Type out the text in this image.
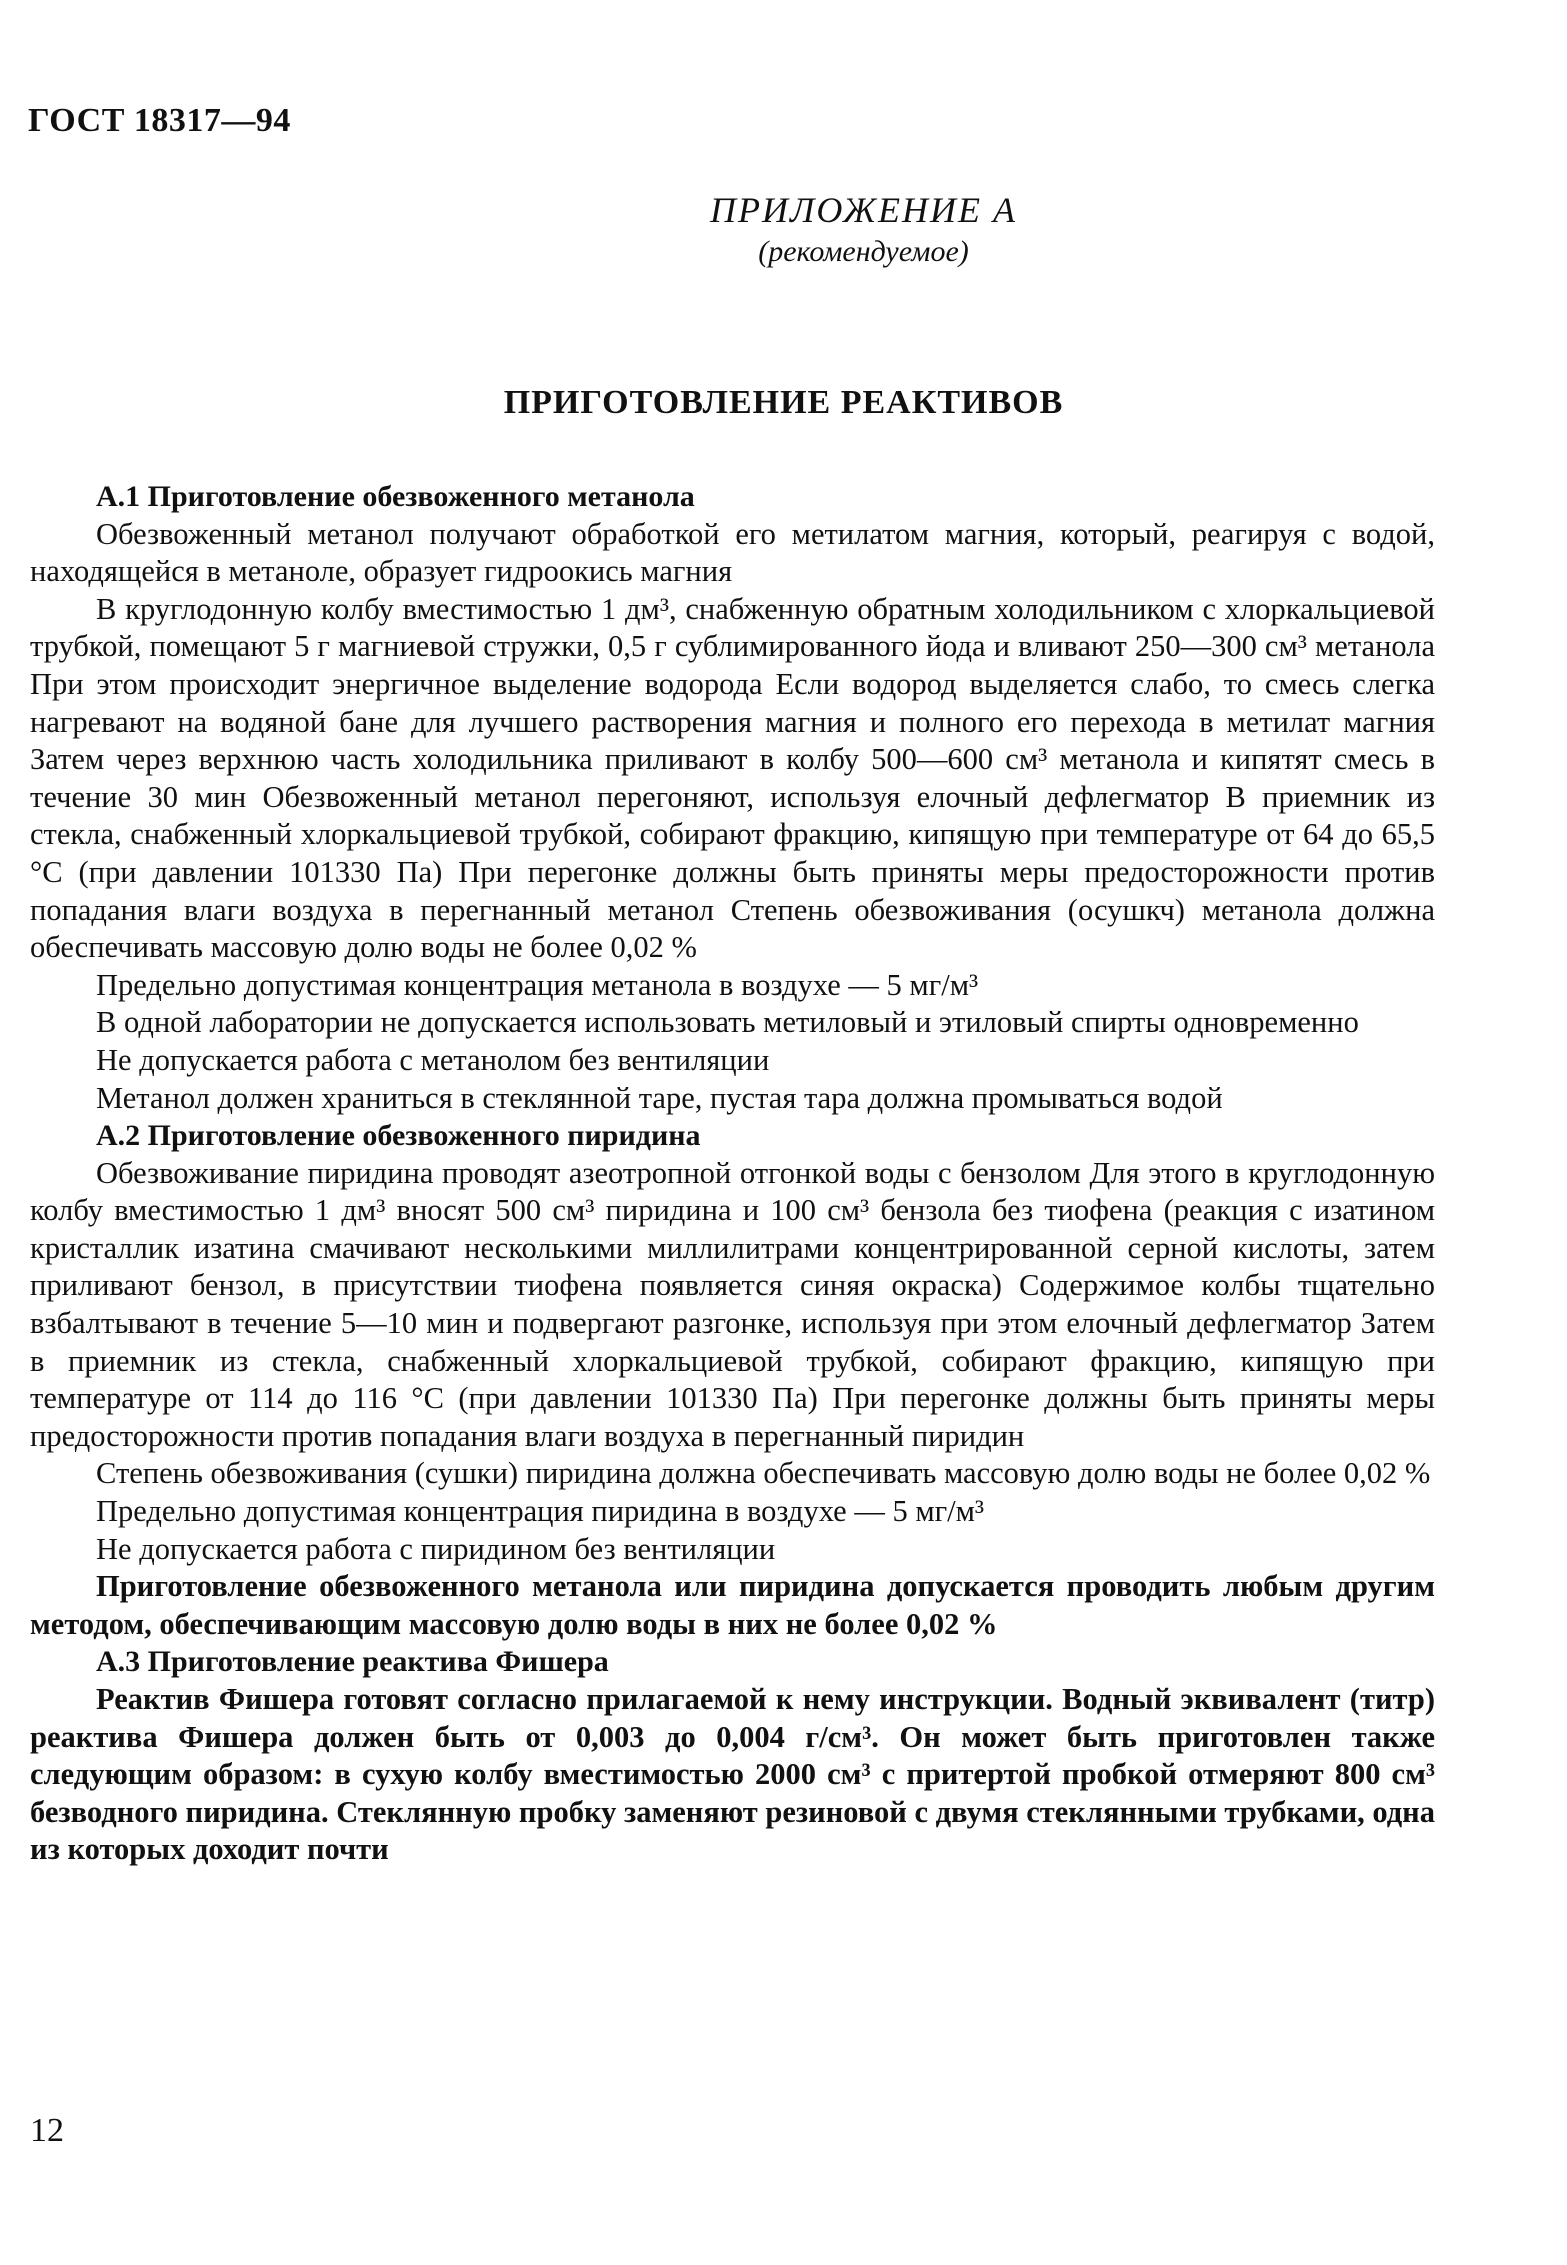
ГОСТ 18317—94
ПРИЛОЖЕНИЕ А
(рекомендуемое)
ПРИГОТОВЛЕНИЕ РЕАКТИВОВ

А.1 Приготовление обезвоженного метанола

Обезвоженный метанол получают обработкой его метилатом магния, который, реагируя с водой, находящейся в метаноле, образует гидроокись магния

В круглодонную колбу вместимостью 1 дм³, снабженную обратным холодильником с хлоркальциевой трубкой, помещают 5 г магниевой стружки, 0,5 г сублимированного йода и вливают 250—300 см³ метанола При этом происходит энергичное выделение водорода Если водород выделяется слабо, то смесь слегка нагревают на водяной бане для лучшего растворения магния и полного его перехода в метилат магния Затем через верхнюю часть холодильника приливают в колбу 500—600 см³ метанола и кипятят смесь в течение 30 мин Обезвоженный метанол перегоняют, используя елочный дефлегматор В приемник из стекла, снабженный хлоркальциевой трубкой, собирают фракцию, кипящую при температуре от 64 до 65,5 °С (при давлении 101330 Па) При перегонке должны быть приняты меры предосторожности против попадания влаги воздуха в перегнанный метанол Степень обезвоживания (осушкч) метанола должна обеспечивать массовую долю воды не более 0,02 %

Предельно допустимая концентрация метанола в воздухе — 5 мг/м³

В одной лаборатории не допускается использовать метиловый и этиловый спирты одновременно

Не допускается работа с метанолом без вентиляции

Метанол должен храниться в стеклянной таре, пустая тара должна промываться водой

А.2 Приготовление обезвоженного пиридина

Обезвоживание пиридина проводят азеотропной отгонкой воды с бензолом Для этого в круглодонную колбу вместимостью 1 дм³ вносят 500 см³ пиридина и 100 см³ бензола без тиофена (реакция с изатином кристаллик изатина смачивают несколькими миллилитрами концентрированной серной кислоты, затем приливают бензол, в присутствии тиофена появляется синяя окраска) Содержимое колбы тщательно взбалтывают в течение 5—10 мин и подвергают разгонке, используя при этом елочный дефлегматор Затем в приемник из стекла, снабженный хлоркальциевой трубкой, собирают фракцию, кипящую при температуре от 114 до 116 °С (при давлении 101330 Па) При перегонке должны быть приняты меры предосторожности против попадания влаги воздуха в перегнанный пиридин

Степень обезвоживания (сушки) пиридина должна обеспечивать массовую долю воды не более 0,02 %

Предельно допустимая концентрация пиридина в воздухе — 5 мг/м³

Не допускается работа с пиридином без вентиляции

Приготовление обезвоженного метанола или пиридина допускается проводить любым другим методом, обеспечивающим массовую долю воды в них не более 0,02 %

А.3 Приготовление реактива Фишера

Реактив Фишера готовят согласно прилагаемой к нему инструкции. Водный эквивалент (титр) реактива Фишера должен быть от 0,003 до 0,004 г/см³. Он может быть приготовлен также следующим образом: в сухую колбу вместимостью 2000 см³ с притертой пробкой отмеряют 800 см³ безводного пиридина. Стеклянную пробку заменяют резиновой с двумя стеклянными трубками, одна из которых доходит почти

12
